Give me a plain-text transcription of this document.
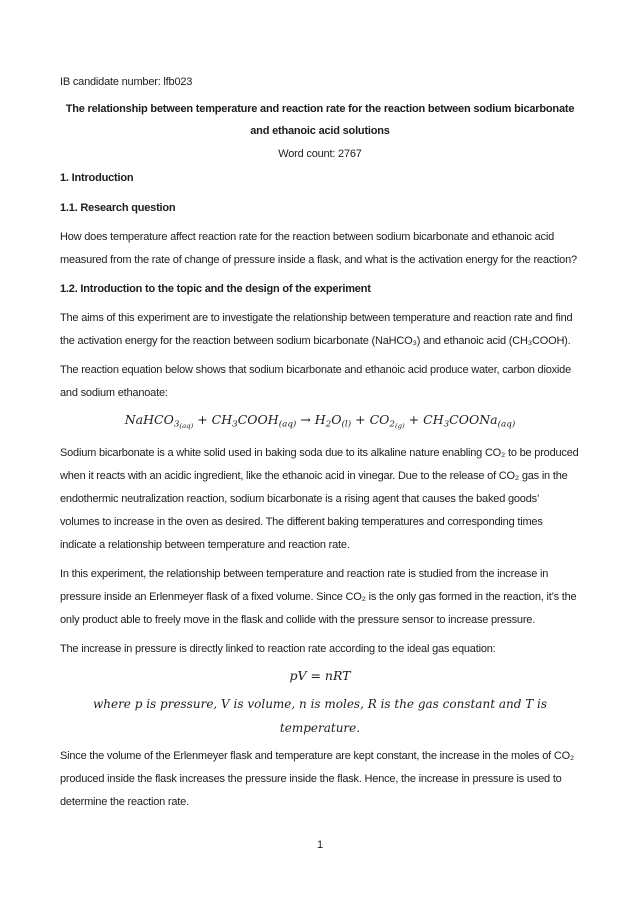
IB candidate number: lfb023

The relationship between temperature and reaction rate for the reaction between sodium bicarbonate
and ethanoic acid solutions

Word count: 2767

1. Introduction
1.1. Research question

How does temperature affect reaction rate for the reaction between sodium bicarbonate and ethanoic acid measured from the rate of change of pressure inside a flask, and what is the activation energy for the reaction?

1.2. Introduction to the topic and the design of the experiment

The aims of this experiment are to investigate the relationship between temperature and reaction rate and find the activation energy for the reaction between sodium bicarbonate (NaHCO₃) and ethanoic acid (CH₃COOH).

The reaction equation below shows that sodium bicarbonate and ethanoic acid produce water, carbon dioxide and sodium ethanoate:

$NaHCO3_{(aq)}$ + CH3COOH(aq) → $H2O(l) + CO2_{(g)}$ + CH3COONa(aq)

Sodium bicarbonate is a white solid used in baking soda due to its alkaline nature enabling CO₂ to be produced when it reacts with an acidic ingredient, like the ethanoic acid in vinegar. Due to the release of CO₂ gas in the endothermic neutralization reaction, sodium bicarbonate is a rising agent that causes the baked goods’ volumes to increase in the oven as desired. The different baking temperatures and corresponding times indicate a relationship between temperature and reaction rate.

In this experiment, the relationship between temperature and reaction rate is studied from the increase in pressure inside an Erlenmeyer flask of a fixed volume. Since CO₂ is the only gas formed in the reaction, it’s the only product able to freely move in the flask and collide with the pressure sensor to increase pressure.

The increase in pressure is directly linked to reaction rate according to the ideal gas equation:

pV = nRT
where p is pressure, V is volume, n is moles, R is the gas constant and T is temperature.

Since the volume of the Erlenmeyer flask and temperature are kept constant, the increase in the moles of CO₂ produced inside the flask increases the pressure inside the flask. Hence, the increase in pressure is used to determine the reaction rate.

1
